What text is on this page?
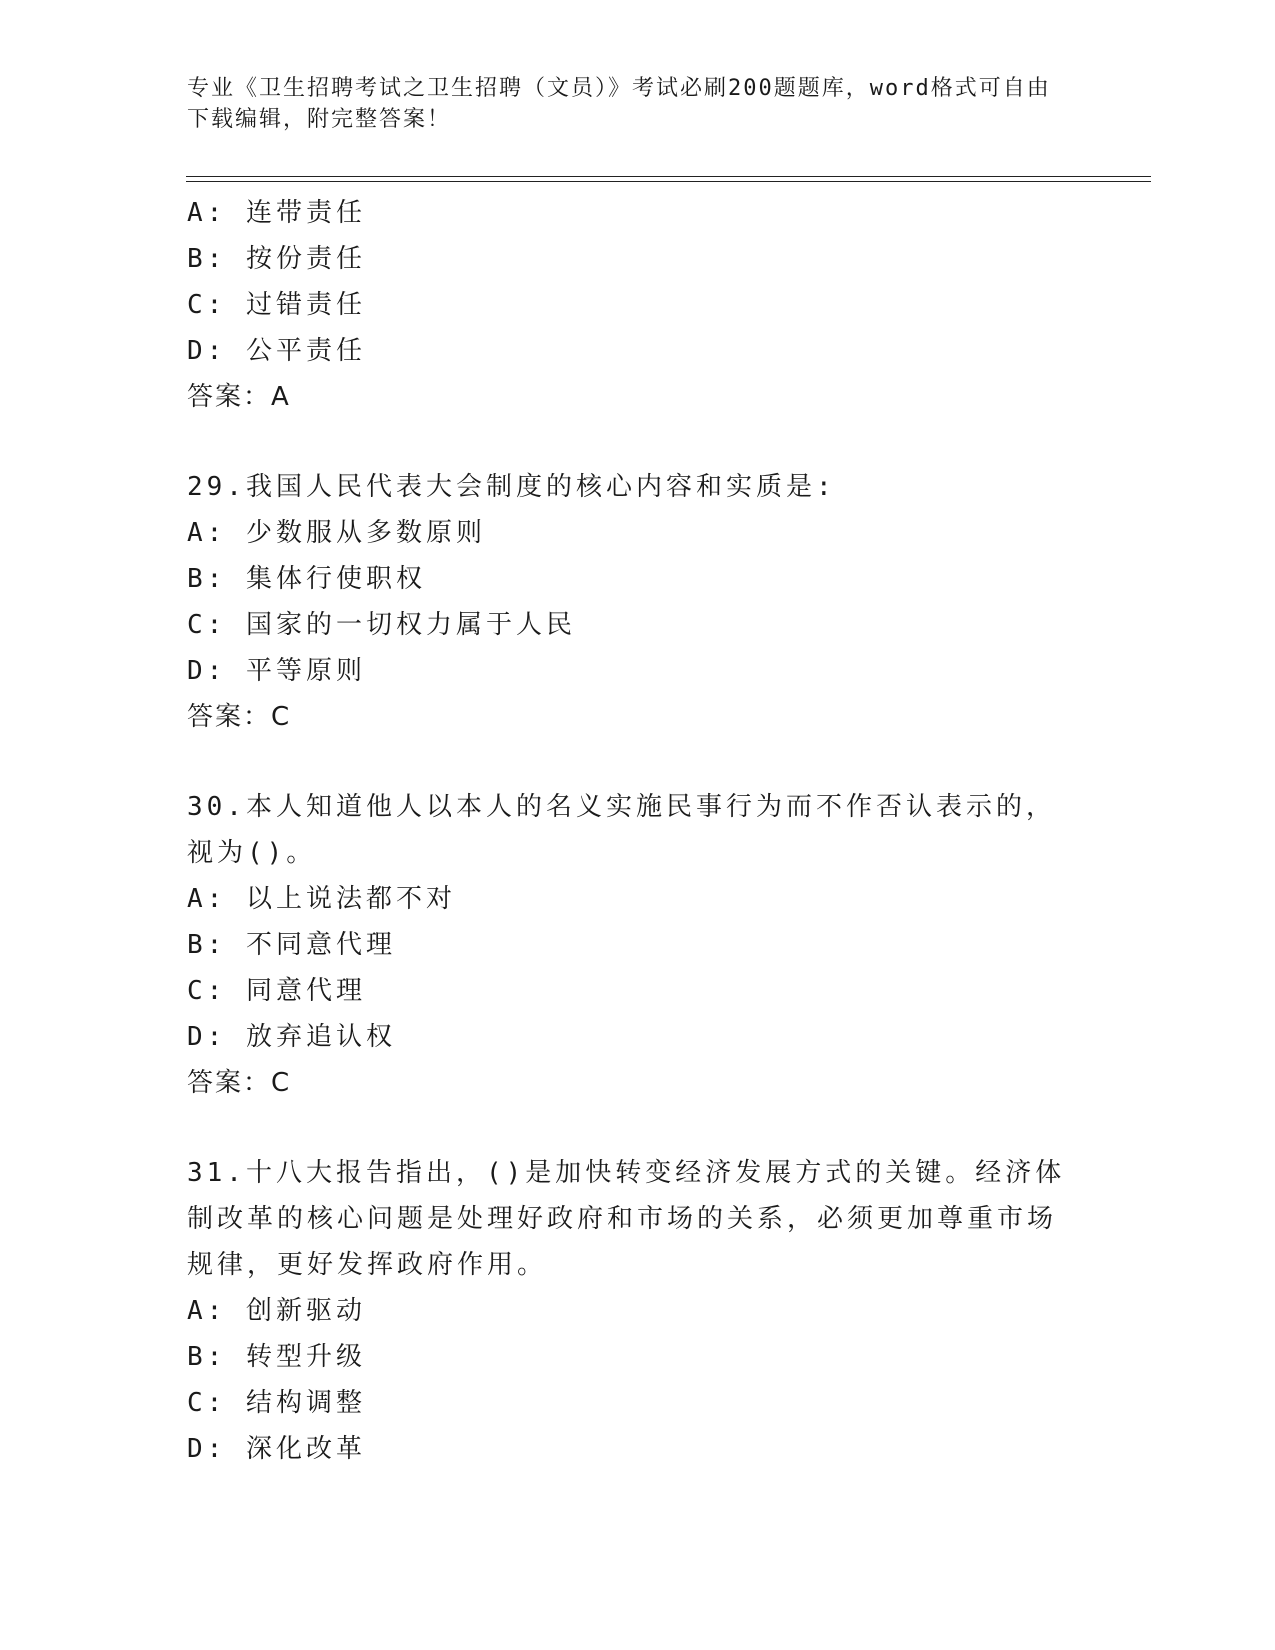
专业《卫生招聘考试之卫生招聘（文员）》考试必刷200题题库，word格式可自由下载编辑，附完整答案！
A: 连带责任
B: 按份责任
C: 过错责任
D: 公平责任
答案：A
29.我国人民代表大会制度的核心内容和实质是:
A: 少数服从多数原则
B: 集体行使职权
C: 国家的一切权力属于人民
D: 平等原则
答案：C
30.本人知道他人以本人的名义实施民事行为而不作否认表示的，视为()。
A: 以上说法都不对
B: 不同意代理
C: 同意代理
D: 放弃追认权
答案：C
31.十八大报告指出，()是加快转变经济发展方式的关键。经济体制改革的核心问题是处理好政府和市场的关系，必须更加尊重市场规律，更好发挥政府作用。
A: 创新驱动
B: 转型升级
C: 结构调整
D: 深化改革
